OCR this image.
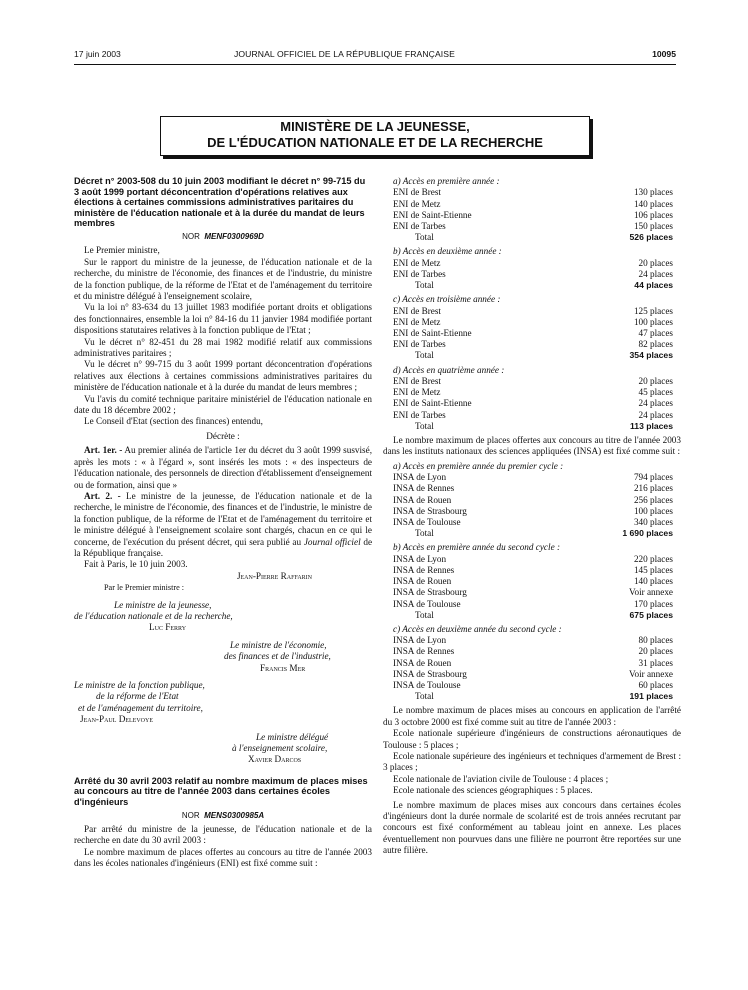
17 juin 2003	JOURNAL OFFICIEL DE LA RÉPUBLIQUE FRANÇAISE	10095
MINISTÈRE DE LA JEUNESSE,
DE L'ÉDUCATION NATIONALE ET DE LA RECHERCHE
Décret n° 2003-508 du 10 juin 2003 modifiant le décret n° 99-715 du 3 août 1999 portant déconcentration d'opérations relatives aux élections à certaines commissions administratives paritaires du ministère de l'éducation nationale et à la durée du mandat de leurs membres
NOR MENF0300969D

Le Premier ministre,

Sur le rapport du ministre de la jeunesse, de l'éducation nationale et de la recherche, du ministre de l'économie, des finances et de l'industrie, du ministre de la fonction publique, de la réforme de l'Etat et de l'aménagement du territoire et du ministre délégué à l'enseignement scolaire,

Vu la loi n° 83-634 du 13 juillet 1983 modifiée portant droits et obligations des fonctionnaires, ensemble la loi n° 84-16 du 11 janvier 1984 modifiée portant dispositions statutaires relatives à la fonction publique de l'Etat ;

Vu le décret n° 82-451 du 28 mai 1982 modifié relatif aux commissions administratives paritaires ;

Vu le décret n° 99-715 du 3 août 1999 portant déconcentration d'opérations relatives aux élections à certaines commissions administratives paritaires du ministère de l'éducation nationale et à la durée du mandat de leurs membres ;

Vu l'avis du comité technique paritaire ministériel de l'éducation nationale en date du 18 décembre 2002 ;

Le Conseil d'Etat (section des finances) entendu,

Décrète :

Art. 1er. - Au premier alinéa de l'article 1er du décret du 3 août 1999 susvisé, après les mots : « à l'égard », sont insérés les mots : « des inspecteurs de l'éducation nationale, des personnels de direction d'établissement d'enseignement ou de formation, ainsi que »

Art. 2. - Le ministre de la jeunesse, de l'éducation nationale et de la recherche, le ministre de l'économie, des finances et de l'industrie, le ministre de la fonction publique, de la réforme de l'Etat et de l'aménagement du territoire et le ministre délégué à l'enseignement scolaire sont chargés, chacun en ce qui le concerne, de l'exécution du présent décret, qui sera publié au Journal officiel de la République française.

Fait à Paris, le 10 juin 2003.

Jean-Pierre Raffarin

Par le Premier ministre :

Le ministre de la jeunesse,

de l'éducation nationale et de la recherche,

Luc Ferry

Le ministre de l'économie,

des finances et de l'industrie,

Francis Mer

Le ministre de la fonction publique,

de la réforme de l'Etat

et de l'aménagement du territoire,

Jean-Paul Delevoye

Le ministre délégué

à l'enseignement scolaire,

Xavier Darcos

Arrêté du 30 avril 2003 relatif au nombre maximum de places mises au concours au titre de l'année 2003 dans certaines écoles d'ingénieurs
NOR MENS0300985A

Par arrêté du ministre de la jeunesse, de l'éducation nationale et de la recherche en date du 30 avril 2003 :

Le nombre maximum de places offertes au concours au titre de l'année 2003 dans les écoles nationales d'ingénieurs (ENI) est fixé comme suit :

a) Accès en première année :
ENI de Brest	130 places
ENI de Metz	140 places
ENI de Saint-Etienne	106 places
ENI de Tarbes	150 places
Total	526 places
b) Accès en deuxième année :
ENI de Metz	20 places
ENI de Tarbes	24 places
Total	44 places
c) Accès en troisième année :
ENI de Brest	125 places
ENI de Metz	100 places
ENI de Saint-Etienne	47 places
ENI de Tarbes	82 places
Total	354 places
d) Accès en quatrième année :
ENI de Brest	20 places
ENI de Metz	45 places
ENI de Saint-Etienne	24 places
ENI de Tarbes	24 places
Total	113 places

Le nombre maximum de places offertes aux concours au titre de l'année 2003 dans les instituts nationaux des sciences appliquées (INSA) est fixé comme suit :

a) Accès en première année du premier cycle :
INSA de Lyon	794 places
INSA de Rennes	216 places
INSA de Rouen	256 places
INSA de Strasbourg	100 places
INSA de Toulouse	340 places
Total	1 690 places
b) Accès en première année du second cycle :
INSA de Lyon	220 places
INSA de Rennes	145 places
INSA de Rouen	140 places
INSA de Strasbourg	Voir annexe
INSA de Toulouse	170 places
Total	675 places
c) Accès en deuxième année du second cycle :
INSA de Lyon	80 places
INSA de Rennes	20 places
INSA de Rouen	31 places
INSA de Strasbourg	Voir annexe
INSA de Toulouse	60 places
Total	191 places

Le nombre maximum de places mises au concours en application de l'arrêté du 3 octobre 2000 est fixé comme suit au titre de l'année 2003 :

Ecole nationale supérieure d'ingénieurs de constructions aéronautiques de Toulouse : 5 places ;

Ecole nationale supérieure des ingénieurs et techniques d'armement de Brest : 3 places ;

Ecole nationale de l'aviation civile de Toulouse : 4 places ;

Ecole nationale des sciences géographiques : 5 places.

Le nombre maximum de places mises aux concours dans certaines écoles d'ingénieurs dont la durée normale de scolarité est de trois années recrutant par concours est fixé conformément au tableau joint en annexe. Les places éventuellement non pourvues dans une filière ne pourront être reportées sur une autre filière.
